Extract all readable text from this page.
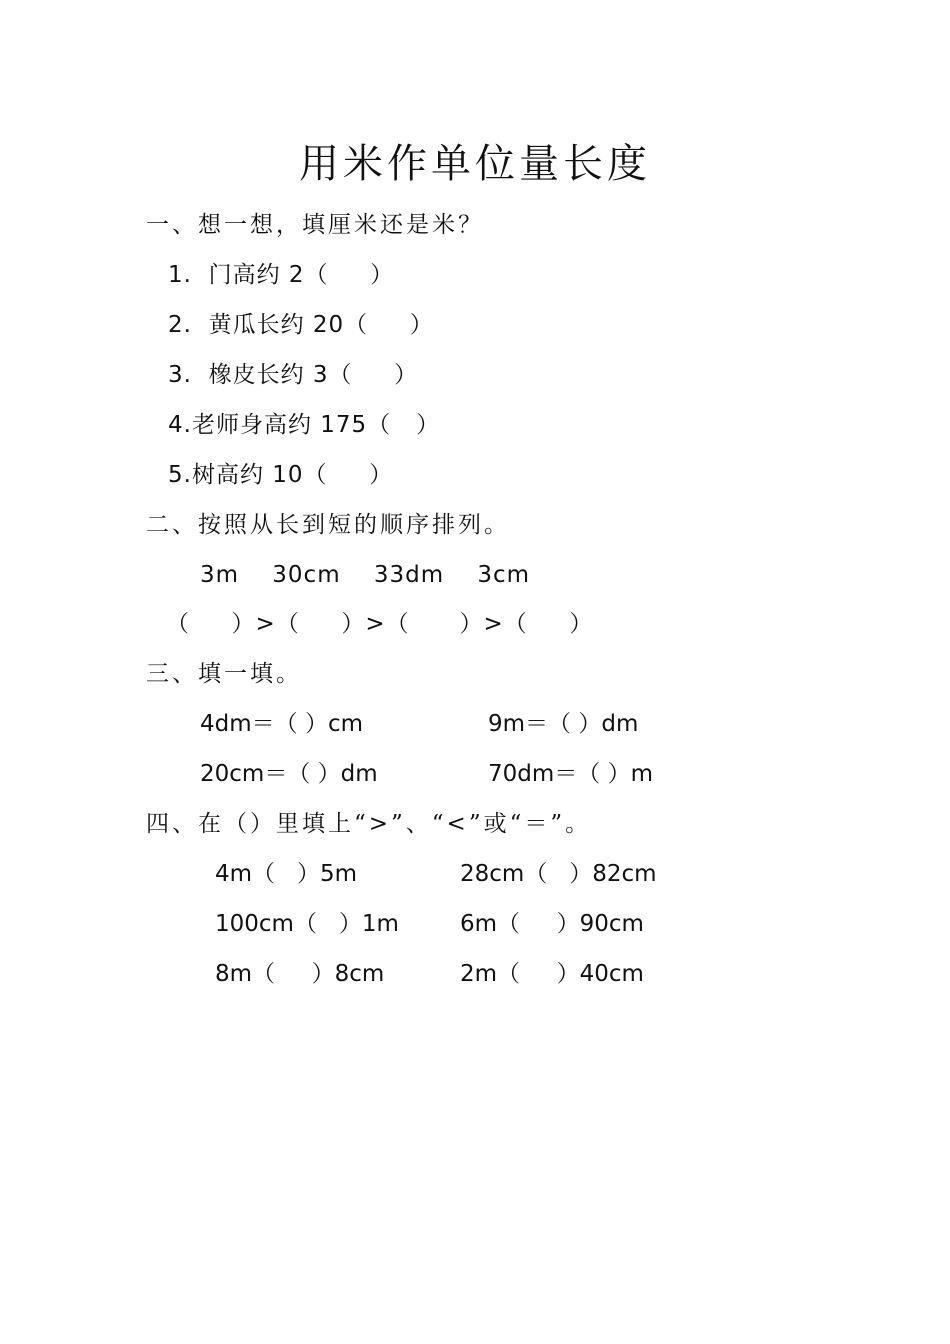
用米作单位量长度
一、想一想，填厘米还是米？
1.  门高约 2（     ）
2.  黄瓜长约 20（     ）
3.  橡皮长约 3（     ）
4.老师身高约 175（   ）
5.树高约 10（     ）
二、按照从长到短的顺序排列。
3m    30cm    33dm    3cm
（     ）>（     ）>（      ）>（     ）
三、填一填。
4dm＝（ ）cm	9m＝（ ）dm
20cm＝（ ）dm	70dm＝（ ）m
四、在（）里填上“>”、“<”或“＝”。
4m（   ）5m	28cm（   ）82cm
100cm（   ）1m	6m（     ）90cm
8m（     ）8cm	2m（     ）40cm
